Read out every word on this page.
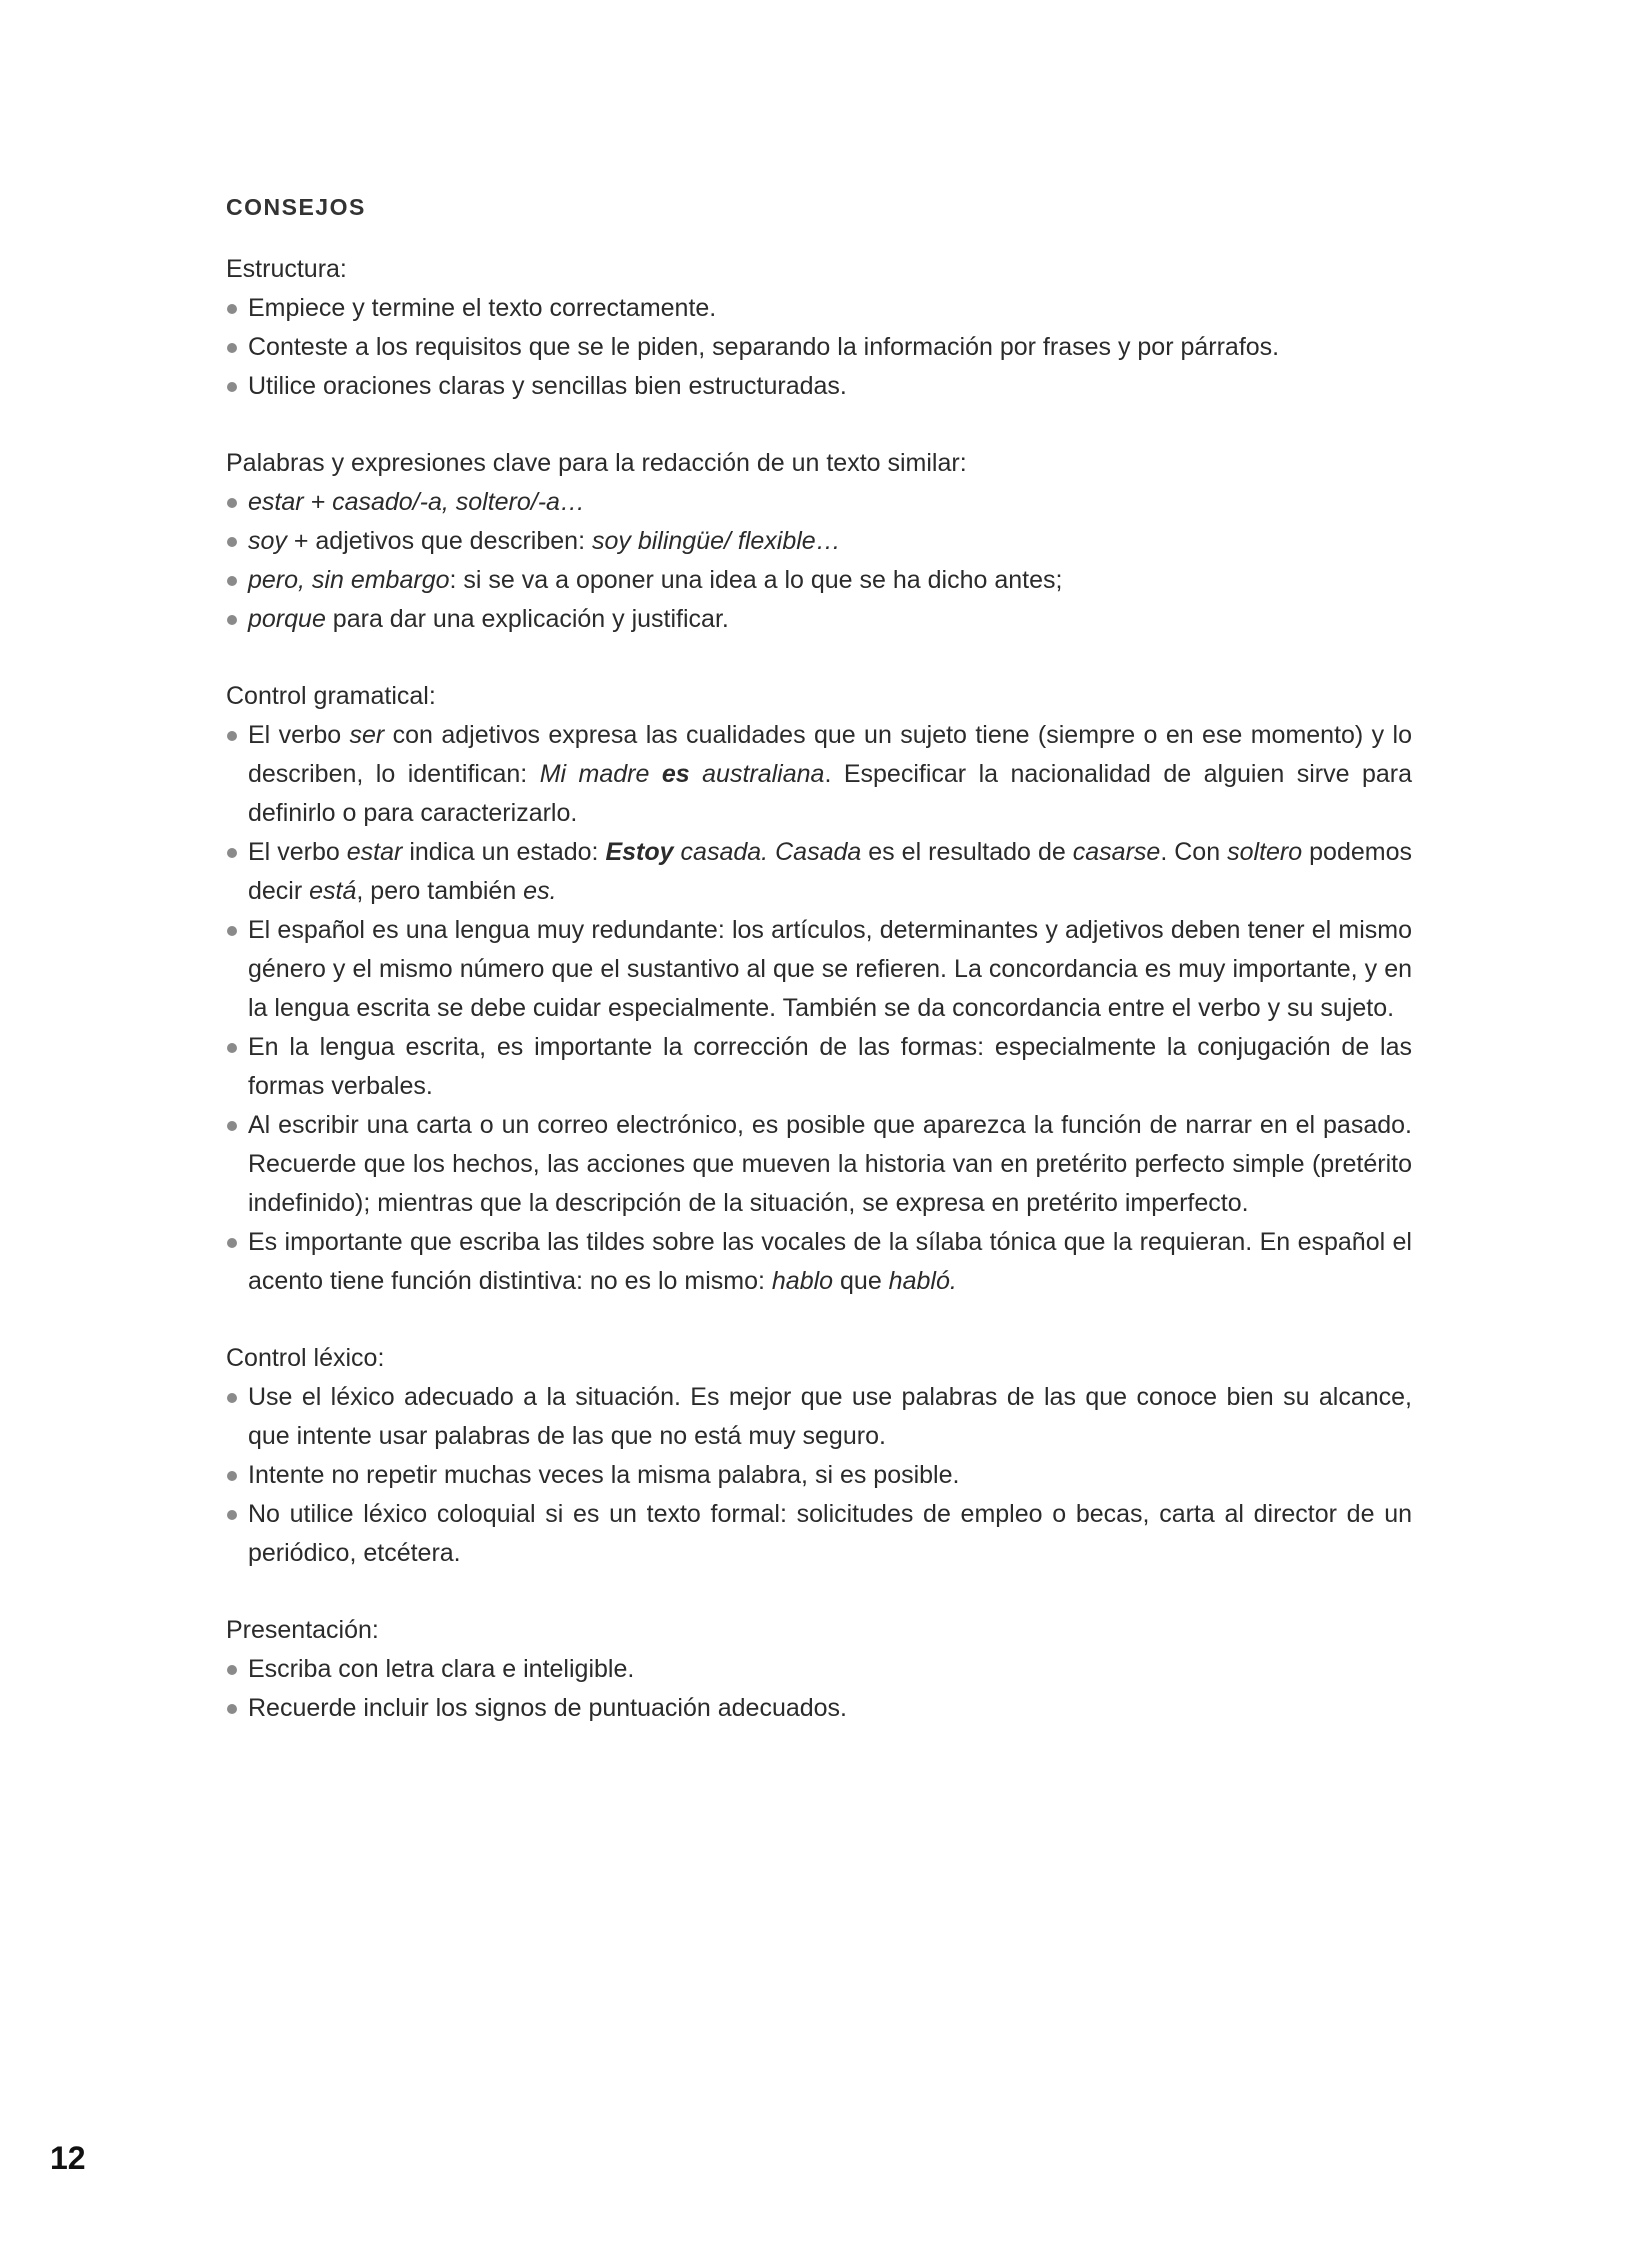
CONSEJOS

Estructura:

Empiece y termine el texto correctamente.
Conteste a los requisitos que se le piden, separando la información por frases y por párrafos.
Utilice oraciones claras y sencillas bien estructuradas.

Palabras y expresiones clave para la redacción de un texto similar:

estar + casado/-a, soltero/-a…
soy + adjetivos que describen: soy bilingüe/ flexible…
pero, sin embargo: si se va a oponer una idea a lo que se ha dicho antes;
porque para dar una explicación y justificar.

Control gramatical:

El verbo ser con adjetivos expresa las cualidades que un sujeto tiene (siempre o en ese momento) y lo describen, lo identifican: Mi madre es australiana. Especificar la nacionalidad de alguien sirve para definirlo o para caracterizarlo.
El verbo estar indica un estado: Estoy casada. Casada es el resultado de casarse. Con soltero podemos decir está, pero también es.
El español es una lengua muy redundante: los artículos, determinantes y adjetivos deben tener el mismo género y el mismo número que el sustantivo al que se refieren. La concordancia es muy importante, y en la lengua escrita se debe cuidar especialmente. También se da concordancia entre el verbo y su sujeto.
En la lengua escrita, es importante la corrección de las formas: especialmente la conjugación de las formas verbales.
Al escribir una carta o un correo electrónico, es posible que aparezca la función de narrar en el pasado. Recuerde que los hechos, las acciones que mueven la historia van en pretérito perfecto simple (pretérito indefinido); mientras que la descripción de la situación, se expresa en pretérito imperfecto.
Es importante que escriba las tildes sobre las vocales de la sílaba tónica que la requieran. En español el acento tiene función distintiva: no es lo mismo: hablo que habló.

Control léxico:

Use el léxico adecuado a la situación. Es mejor que use palabras de las que conoce bien su alcance, que intente usar palabras de las que no está muy seguro.
Intente no repetir muchas veces la misma palabra, si es posible.
No utilice léxico coloquial si es un texto formal: solicitudes de empleo o becas, carta al director de un periódico, etcétera.

Presentación:

Escriba con letra clara e inteligible.
Recuerde incluir los signos de puntuación adecuados.
12
